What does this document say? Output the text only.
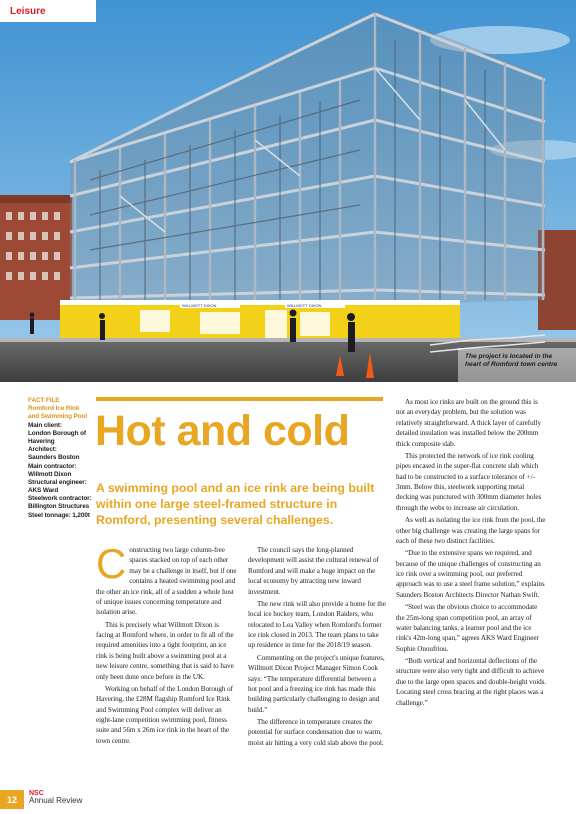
WILLMOTT DIXON	WILLMOTT DIXON
Leisure
The project is located in the heart of Romford town centre
FACT FILE
Romford Ice Rink and Swimming Pool
Main client:
London Borough of Havering
Architect:
Saunders Boston
Main contractor:
Willmott Dixon
Structural engineer:
AKS Ward
Steelwork contractor:
Billington Structures
Steel tonnage: 1,200t
Hot and cold
A swimming pool and an ice rink are being built within one large steel-framed structure in Romford, presenting several challenges.
C onstructing two large column-free spaces stacked on top of each other may be a challenge in itself, but if one contains a heated swimming pool and the other an ice rink, all of a sudden a whole host of unique issues concerning temperature and isolation arise.

This is precisely what Willmott Dixon is facing at Romford where, in order to fit all of the required amenities into a tight footprint, an ice rink is being built above a swimming pool at a new leisure centre, something that is said to have only been done once before in the UK.

Working on behalf of the London Borough of Havering, the £28M flagship Romford Ice Rink and Swimming Pool complex will deliver an eight-lane competition swimming pool, fitness suite and 56m x 26m ice rink in the heart of the town centre.

The council says the long-planned development will assist the cultural renewal of Romford and will make a huge impact on the local economy by attracting new inward investment.

The new rink will also provide a home for the local ice hockey team, London Raiders, who relocated to Lea Valley when Romford's former ice rink closed in 2013. The team plans to take up residence in time for the 2018/19 season.

Commenting on the project's unique features, Willmott Dixon Project Manager Simon Cook says: “The temperature differential between a hot pool and a freezing ice rink has made this building particularly challenging to design and build.”

The difference in temperature creates the potential for surface condensation due to warm, moist air hitting a very cold slab above the pool.

As most ice rinks are built on the ground this is not an everyday problem, but the solution was relatively straightforward. A thick layer of carefully detailed insulation was installed below the 200mm thick composite slab.

This protected the network of ice rink cooling pipes encased in the super-flat concrete slab which had to be constructed to a surface tolerance of +/- 3mm. Below this, steelwork supporting metal decking was punctured with 300mm diameter holes through the webs to increase air circulation.

As well as isolating the ice rink from the pool, the other big challenge was creating the large spans for each of these two distinct facilities.

“Due to the extensive spans we required, and because of the unique challenges of constructing an ice rink over a swimming pool, our preferred approach was to use a steel frame solution,” explains Saunders Boston Architects Director Nathan Swift.

“Steel was the obvious choice to accommodate the 25m-long span competition pool, an array of water balancing tanks, a learner pool and the ice rink's 42m-long span,” agrees AKS Ward Engineer Sophie Onoufriou.

“Both vertical and horizontal deflections of the structure were also very tight and difficult to achieve due to the large open spaces and double-height voids. Locating steel cross bracing at the right places was a challenge.”

12
NSC
Annual Review
